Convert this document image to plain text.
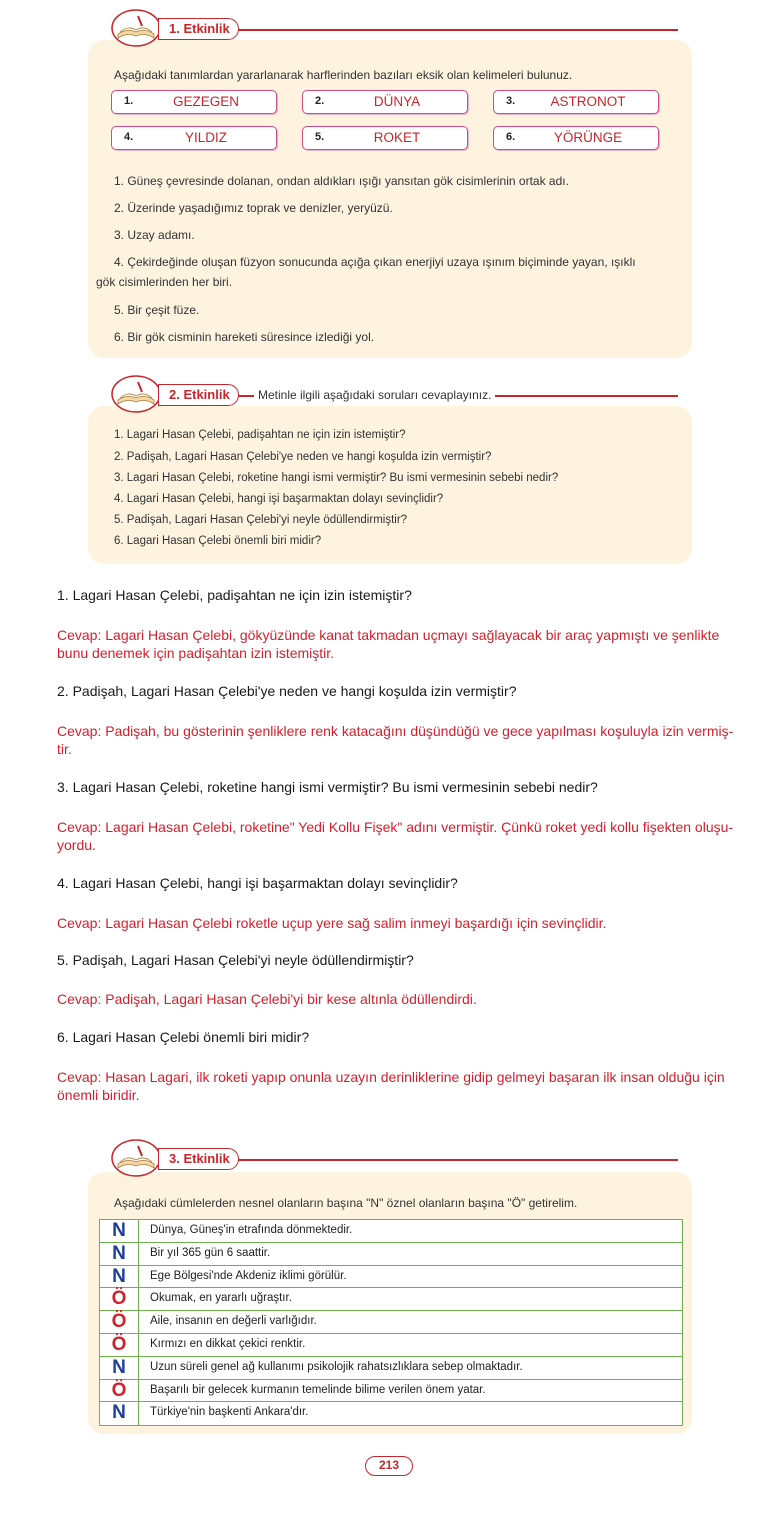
1. Etkinlik
Aşağıdaki tanımlardan yararlanarak harflerinden bazıları eksik olan kelimeleri bulunuz.
1.	GEZEGEN	2.	DÜNYA	3.	ASTRONOT
4.	YILDIZ	5.	ROKET	6.	YÖRÜNGE
1. Güneş çevresinde dolanan, ondan aldıkları ışığı yansıtan gök cisimlerinin ortak adı.
2. Üzerinde yaşadığımız toprak ve denizler, yeryüzü.
3. Uzay adamı.
4. Çekirdeğinde oluşan füzyon sonucunda açığa çıkan enerjiyi uzaya ışınım biçiminde yayan, ışıklı
gök cisimlerinden her biri.
5. Bir çeşit füze.
6. Bir gök cisminin hareketi süresince izlediği yol.
2. Etkinlik	Metinle ilgili aşağıdaki soruları cevaplayınız.
1. Lagari Hasan Çelebi, padişahtan ne için izin istemiştir?
2. Padişah, Lagari Hasan Çelebi'ye neden ve hangi koşulda izin vermiştir?
3. Lagari Hasan Çelebi, roketine hangi ismi vermiştir? Bu ismi vermesinin sebebi nedir?
4. Lagari Hasan Çelebi, hangi işi başarmaktan dolayı sevinçlidir?
5. Padişah, Lagari Hasan Çelebi'yi neyle ödüllendirmiştir?
6. Lagari Hasan Çelebi önemli biri midir?
1. Lagari Hasan Çelebi, padişahtan ne için izin istemiştir?
Cevap: Lagari Hasan Çelebi, gökyüzünde kanat takmadan uçmayı sağlayacak bir araç yapmıştı ve şenlikte
bunu denemek için padişahtan izin istemiştir.
2. Padişah, Lagari Hasan Çelebi'ye neden ve hangi koşulda izin vermiştir?
Cevap: Padişah, bu gösterinin şenliklere renk katacağını düşündüğü ve gece yapılması koşuluyla izin vermiş-
tir.
3. Lagari Hasan Çelebi, roketine hangi ismi vermiştir? Bu ismi vermesinin sebebi nedir?
Cevap: Lagari Hasan Çelebi, roketine" Yedi Kollu Fişek" adını vermiştir. Çünkü roket yedi kollu fişekten oluşu-
yordu.
4. Lagari Hasan Çelebi, hangi işi başarmaktan dolayı sevinçlidir?
Cevap: Lagari Hasan Çelebi roketle uçup yere sağ salim inmeyi başardığı için sevinçlidir.
5. Padişah, Lagari Hasan Çelebi'yi neyle ödüllendirmiştir?
Cevap: Padişah, Lagari Hasan Çelebi'yi bir kese altınla ödüllendirdi.
6. Lagari Hasan Çelebi önemli biri midir?
Cevap: Hasan Lagari, ilk roketi yapıp onunla uzayın derinliklerine gidip gelmeyi başaran ilk insan olduğu için
önemli biridir.
3. Etkinlik
Aşağıdaki cümlelerden nesnel olanların başına "N" öznel olanların başına "Ö" getirelim.
N	Dünya, Güneş'in etrafında dönmektedir.
N	Bir yıl 365 gün 6 saattir.
N	Ege Bölgesi'nde Akdeniz iklimi görülür.
Ö	Okumak, en yararlı uğraştır.
Ö	Aile, insanın en değerli varlığıdır.
Ö	Kırmızı en dikkat çekici renktir.
N	Uzun süreli genel ağ kullanımı psikolojik rahatsızlıklara sebep olmaktadır.
Ö	Başarılı bir gelecek kurmanın temelinde bilime verilen önem yatar.
N	Türkiye'nin başkenti Ankara'dır.
213
